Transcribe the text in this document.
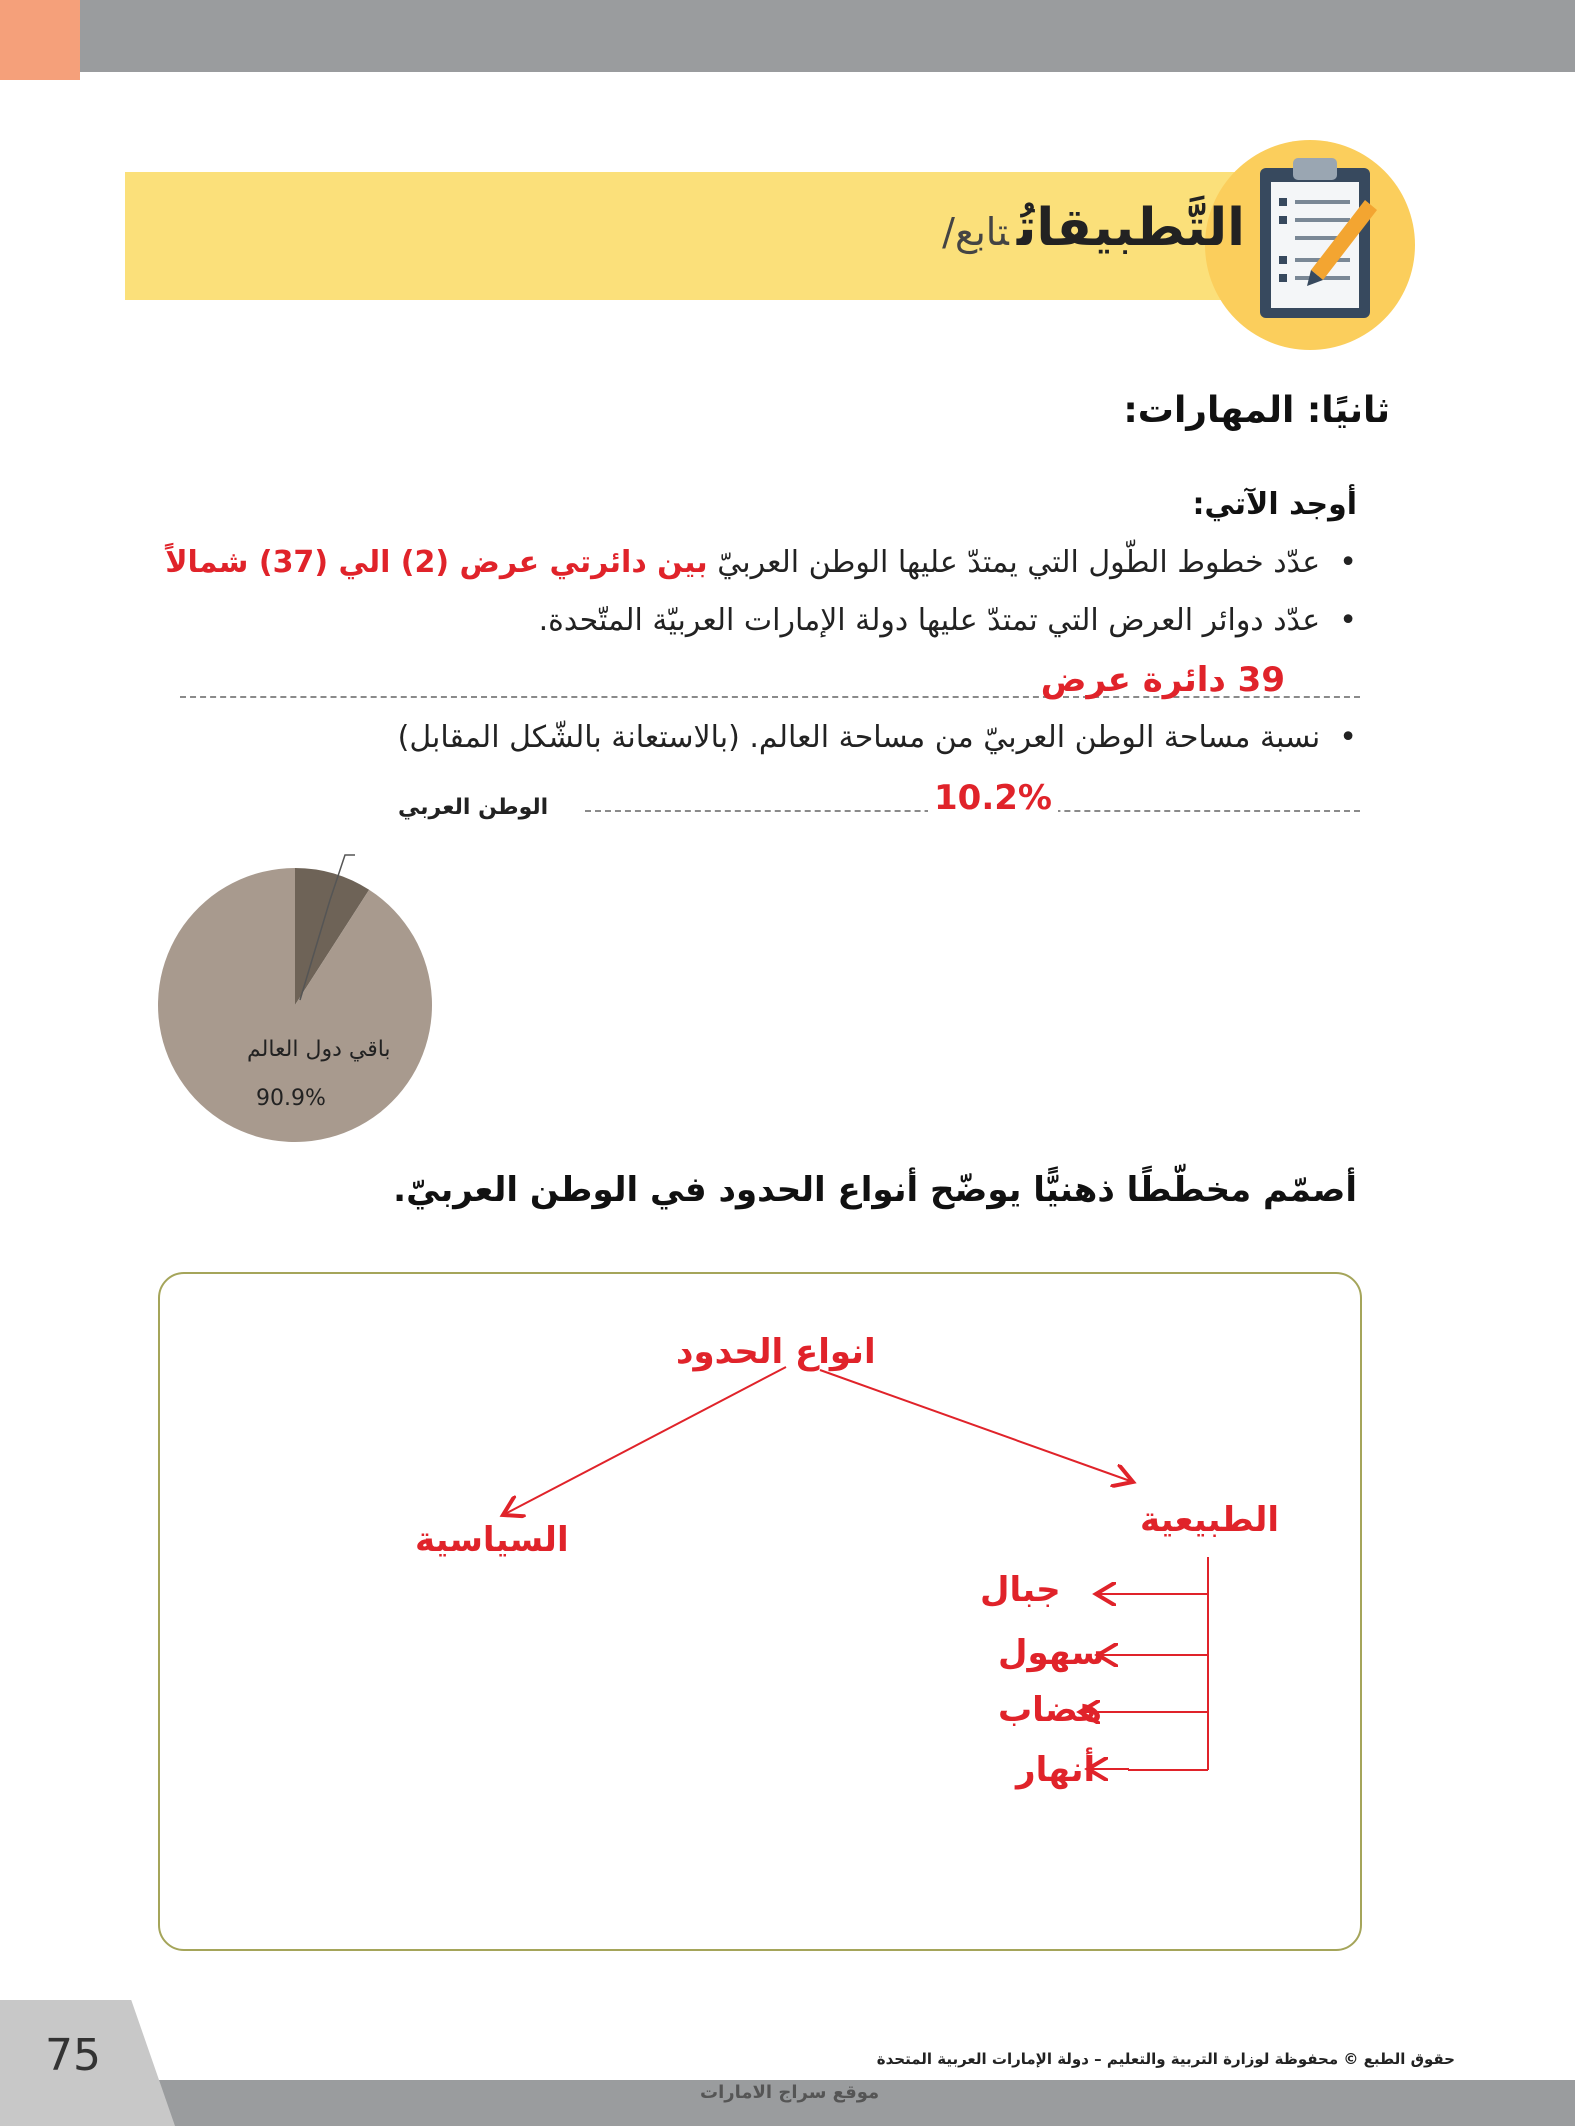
التَّطبيقاتُتابع/
ثانيًا: المهارات:
أوجد الآتي:
•  عدّد خطوط الطّول التي يمتدّ عليها الوطن العربيّ بين دائرتي عرض (2) الي (37) شمالاً
•  عدّد دوائر العرض التي تمتدّ عليها دولة الإمارات العربيّة المتّحدة.
39 دائرة عرض
•  نسبة مساحة الوطن العربيّ من مساحة العالم. (بالاستعانة بالشّكل المقابل)
10.2%
الوطن العربي
باقي دول العالم
90.9%
أصمّم مخطّطًا ذهنيًّا يوضّح أنواع الحدود في الوطن العربيّ.
انواع الحدود
السياسية	الطبيعية
جبال
سهول
هضاب
أنهار
75	حقوق الطبع © محفوظة لوزارة التربية والتعليم – دولة الإمارات العربية المتحدة
موقع سراج الامارات
